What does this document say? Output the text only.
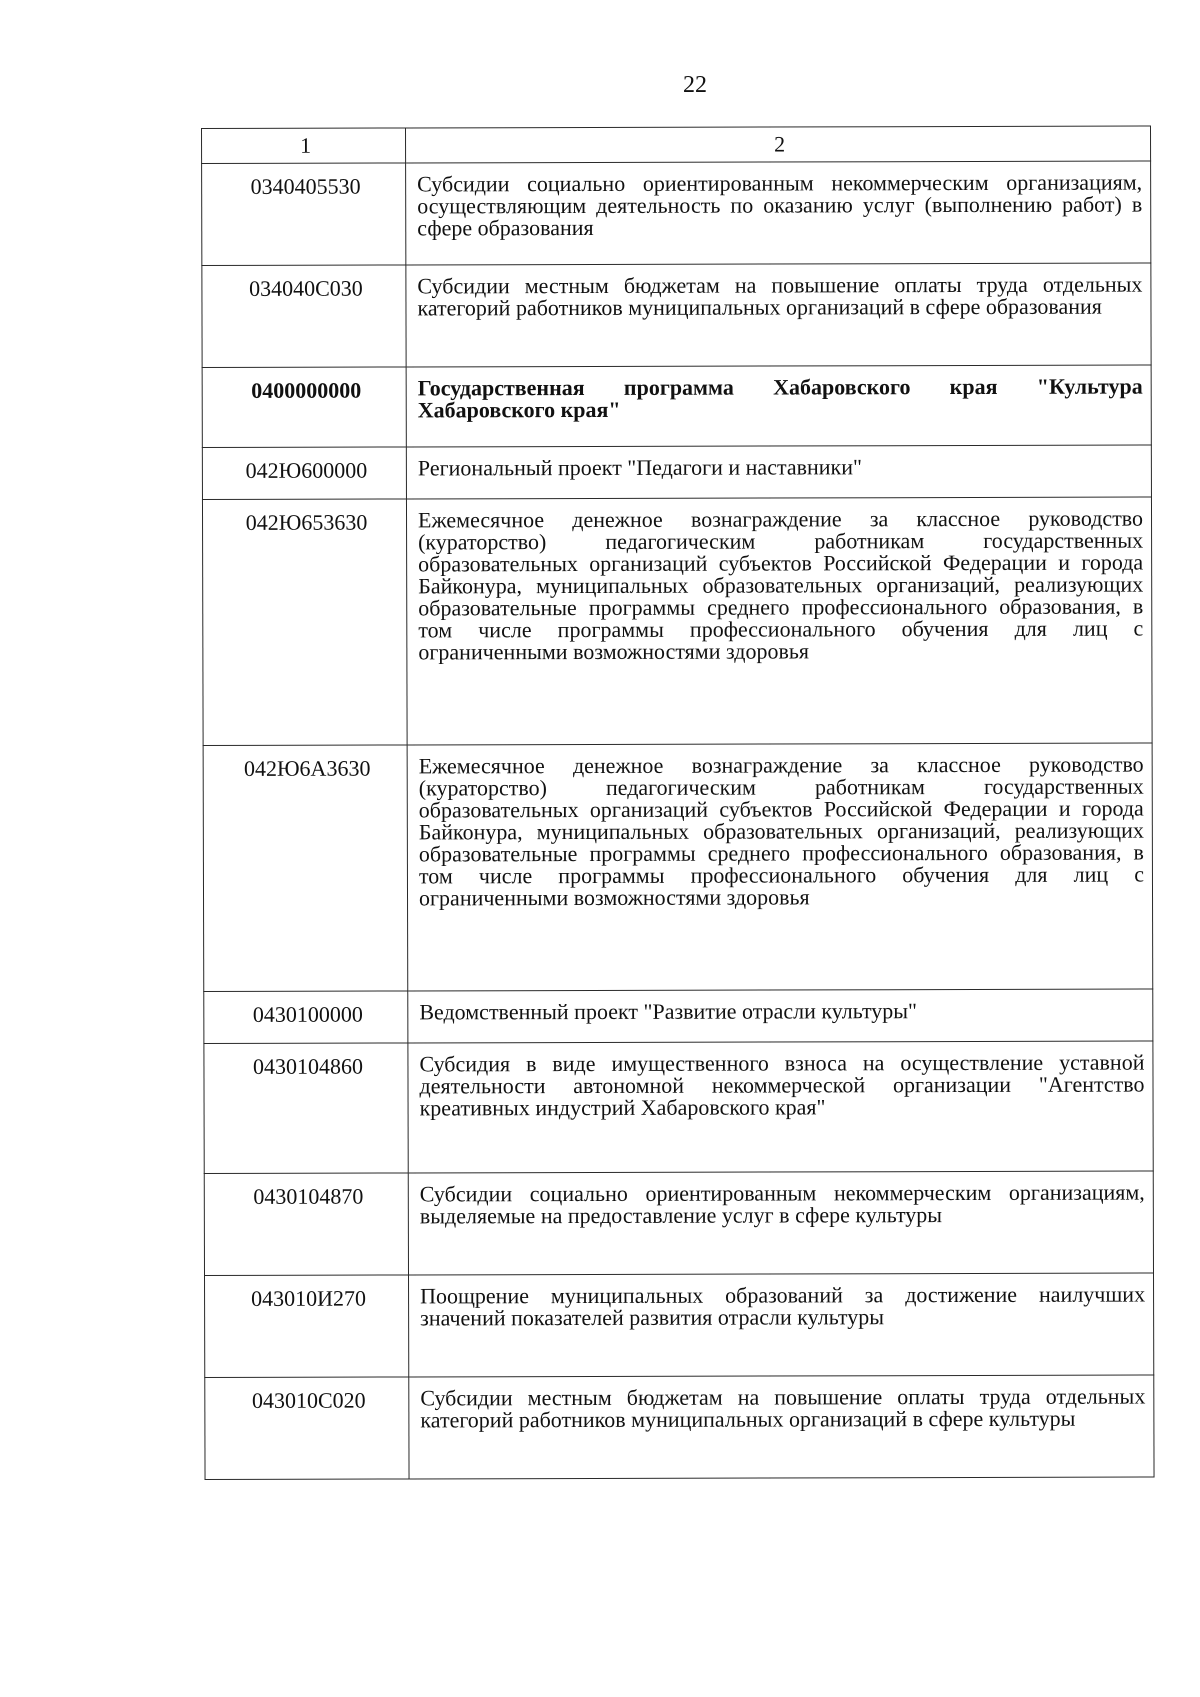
22
1	2
0340405530	Субсидии социально ориентированным некоммерческим организациям, осуществляющим деятельность по оказанию услуг (выполнению работ) в сфере образования
034040С030	Субсидии местным бюджетам на повышение оплаты труда отдельных категорий работников муниципальных организаций в сфере образования
0400000000	Государственная программа Хабаровского края "Культура Хабаровского края"
042Ю600000	Региональный проект "Педагоги и наставники"
042Ю653630	Ежемесячное денежное вознаграждение за классное руководство (кураторство) педагогическим работникам государственных образовательных организаций субъектов Российской Федерации и города Байконура, муниципальных образовательных организаций, реализующих образовательные программы среднего профессионального образования, в том числе программы профессионального обучения для лиц с ограниченными возможностями здоровья
042Ю6А3630	Ежемесячное денежное вознаграждение за классное руководство (кураторство) педагогическим работникам государственных образовательных организаций субъектов Российской Федерации и города Байконура, муниципальных образовательных организаций, реализующих образовательные программы среднего профессионального образования, в том числе программы профессионального обучения для лиц с ограниченными возможностями здоровья
0430100000	Ведомственный проект "Развитие отрасли культуры"
0430104860	Субсидия в виде имущественного взноса на осуществление уставной деятельности автономной некоммерческой организации "Агентство креативных индустрий Хабаровского края"
0430104870	Субсидии социально ориентированным некоммерческим организациям, выделяемые на предоставление услуг в сфере культуры
043010И270	Поощрение муниципальных образований за достижение наилучших значений показателей развития отрасли культуры
043010С020	Субсидии местным бюджетам на повышение оплаты труда отдельных категорий работников муниципальных организаций в сфере культуры
